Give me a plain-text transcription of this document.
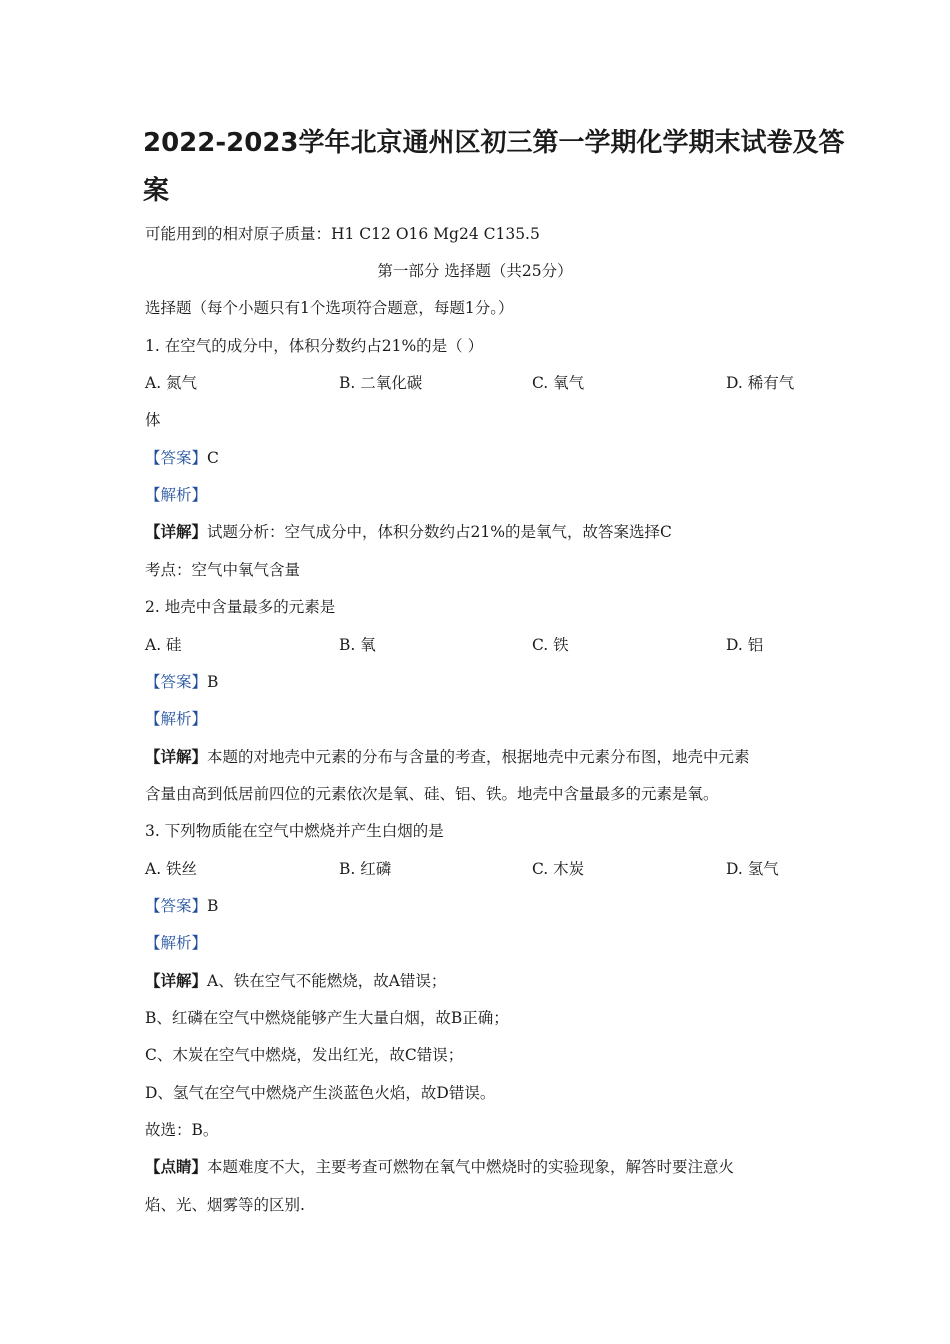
2022-2023学年北京通州区初三第一学期化学期末试卷及答
案
可能用到的相对原子质量：H1 C12 O16 Mg24 C135.5
第一部分 选择题（共25分）
选择题（每个小题只有1个选项符合题意，每题1分。）
1. 在空气的成分中，体积分数约占21%的是（ ）
A. 氮气	B. 二氧化碳	C. 氧气	D. 稀有气
体
【答案】C
【解析】
【详解】试题分析：空气成分中，体积分数约占21%的是氧气，故答案选择C
考点：空气中氧气含量
2. 地壳中含量最多的元素是
A. 硅	B. 氧	C. 铁	D. 铝
【答案】B
【解析】
【详解】本题的对地壳中元素的分布与含量的考查，根据地壳中元素分布图，地壳中元素
含量由高到低居前四位的元素依次是氧、硅、铝、铁。地壳中含量最多的元素是氧。
3. 下列物质能在空气中燃烧并产生白烟的是
A. 铁丝	B. 红磷	C. 木炭	D. 氢气
【答案】B
【解析】
【详解】A、铁在空气不能燃烧，故A错误；
B、红磷在空气中燃烧能够产生大量白烟，故B正确；
C、木炭在空气中燃烧，发出红光，故C错误；
D、氢气在空气中燃烧产生淡蓝色火焰，故D错误。
故选：B。
【点睛】本题难度不大，主要考查可燃物在氧气中燃烧时的实验现象，解答时要注意火
焰、光、烟雾等的区别.
